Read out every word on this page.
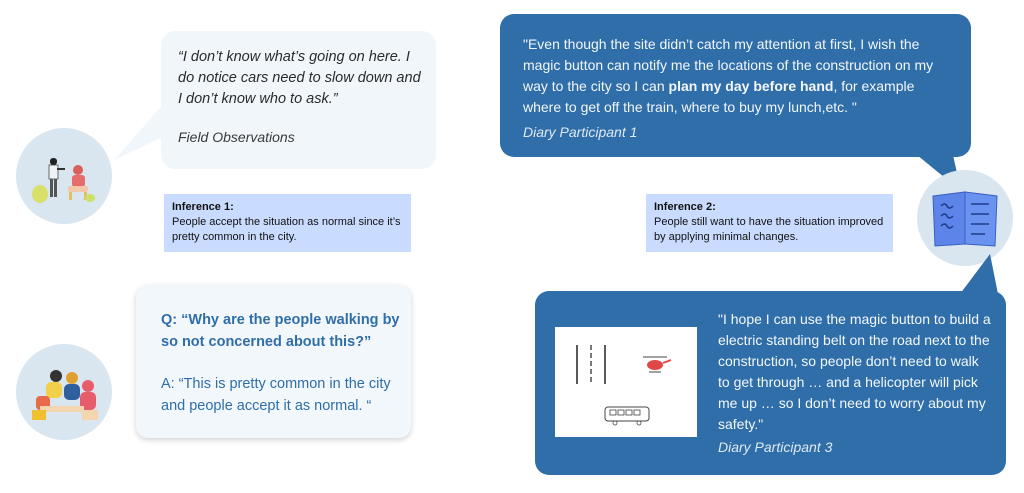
“I don’t know what’s going on here. I do notice cars need to slow down and I don’t know who to ask.”
Field Observations
Inference 1:
People accept the situation as normal since it’s pretty common in the city.
Q: “Why are the people walking by so not concerned about this?”
A: “This is pretty common in the city and people accept it as normal. “
"Even though the site didn’t catch my attention at first, I wish the magic button can notify me the locations of the construction on my way to the city so I can plan my day before hand, for example where to get off the train, where to buy my lunch,etc. "
Diary Participant 1
Inference 2:
People still want to have the situation improved by applying minimal changes.
"I hope I can use the magic button to build a electric standing belt on the road next to the construction, so people don’t need to walk to get through … and a helicopter will pick me up … so I don’t need to worry about my safety."
Diary Participant 3
